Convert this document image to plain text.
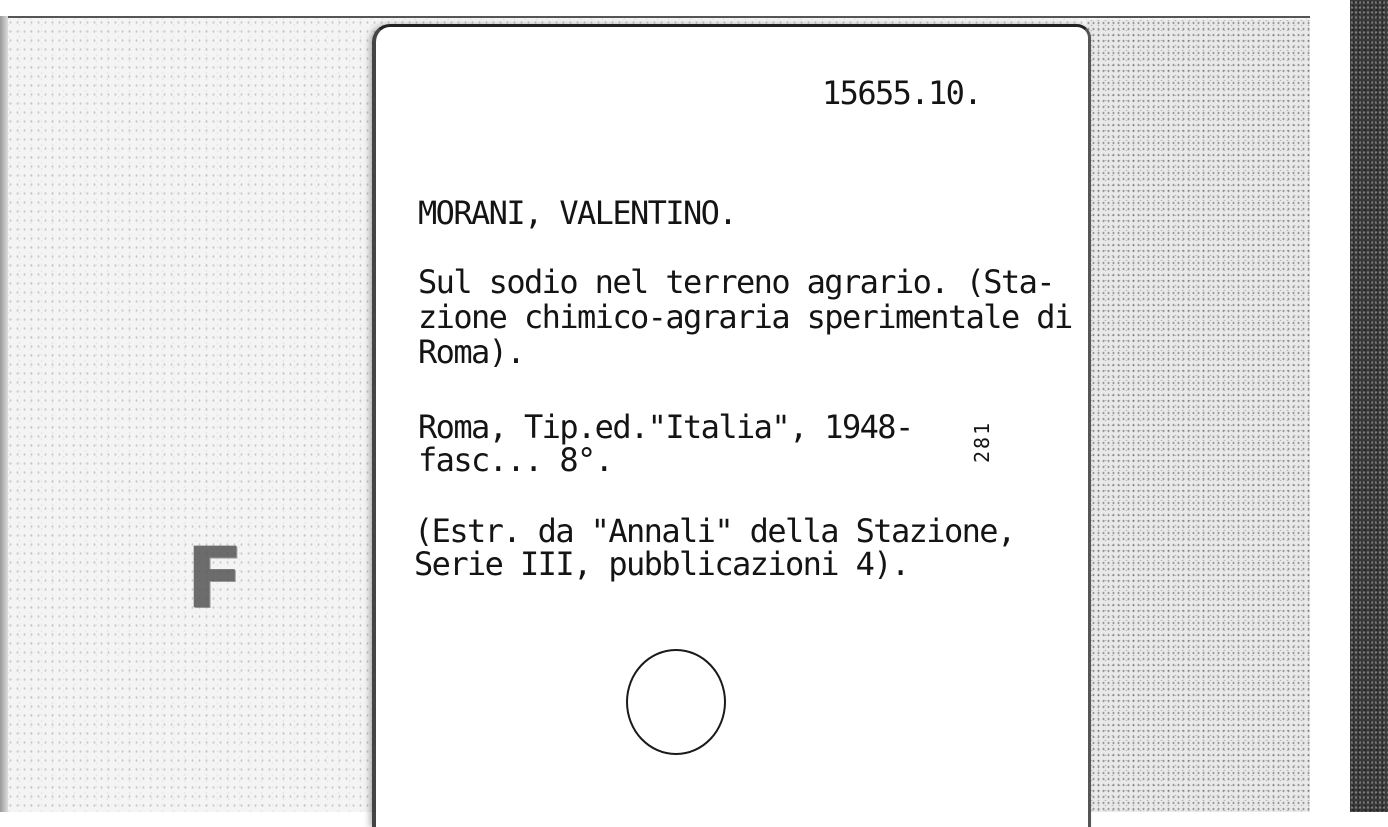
F
15655.10.
MORANI, VALENTINO.
Sul sodio nel terreno agrario. (Sta-
zione chimico-agraria sperimentale di
Roma).
Roma, Tip.ed."Italia", 1948-
fasc... 8°.
(Estr. da "Annali" della Stazione,
Serie III, pubblicazioni 4).
281
